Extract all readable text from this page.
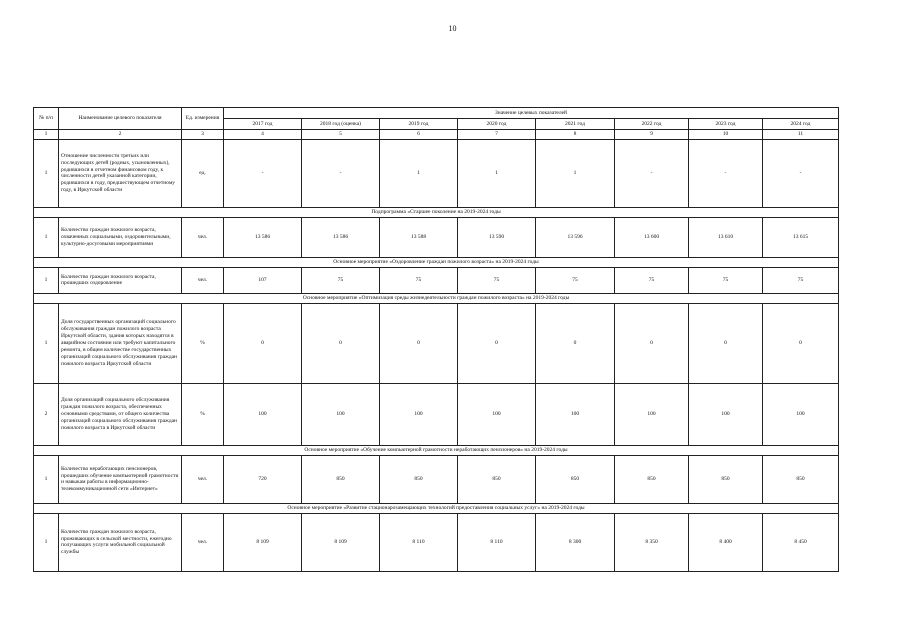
10
№ п/п	Наименование целевого показателя	Ед. измерения	Значение целевых показателей							
			2017 год	2018 год (оценка)	2019 год	2020 год	2021 год	2022 год	2023 год	2024 год
1	2	3	4	5	6	7	8	9	10	11
1	Отношение численности третьих или последующих детей (родных, усыновленных), родившихся в отчетном финансовом году, к численности детей указанной категории, родившихся в году, предшествующем отчетному году, в Иркутской области	ед.	-	-	1	1	1	-	-	-
Подпрограмма «Старшее поколение на 2019-2024 годы										
1	Количество граждан пожилого возраста, охваченных социальными, оздоровительными, культурно-досуговыми мероприятиями	чел.	13 586	13 586	13 588	13 590	13 596	13 600	13 610	13 615
Основное мероприятие «Оздоровление граждан пожилого возраста» на 2019-2024 годы										
1	Количество граждан пожилого возраста, прошедших оздоровление	чел.	107	75	75	75	75	75	75	75
Основное мероприятие «Оптимизация среды жизнедеятельности граждан пожилого возраста» на 2019-2024 годы										
1	Доля государственных организаций социального обслуживания граждан пожилого возраста Иркутской области, здания которых находятся в аварийном состоянии или требуют капитального ремонта, в общем количестве государственных организаций социального обслуживания граждан пожилого возраста Иркутской области	%	0	0	0	0	0	0	0	0
2	Доля организаций социального обслуживания граждан пожилого возраста, обеспеченных основными средствами, от общего количества организаций социального обслуживания граждан пожилого возраста в Иркутской области	%	100	100	100	100	100	100	100	100
Основное мероприятие «Обучение компьютерной грамотности неработающих пенсионеров» на 2019-2024 годы										
1	Количество неработающих пенсионеров, прошедших обучение компьютерной грамотности и навыкам работы в информационно-телекоммуникационной сети «Интернет»	чел.	720	850	850	850	850	850	850	850
Основное мероприятие «Развитие стационарозамещающих технологий предоставления социальных услуг» на 2019-2024 годы										
1	Количество граждан пожилого возраста, проживающих в сельской местности, ежегодно получающих услуги мобильной социальной службы	чел.	8 109	8 109	8 110	8 110	8 300	8 350	8 400	8 450
